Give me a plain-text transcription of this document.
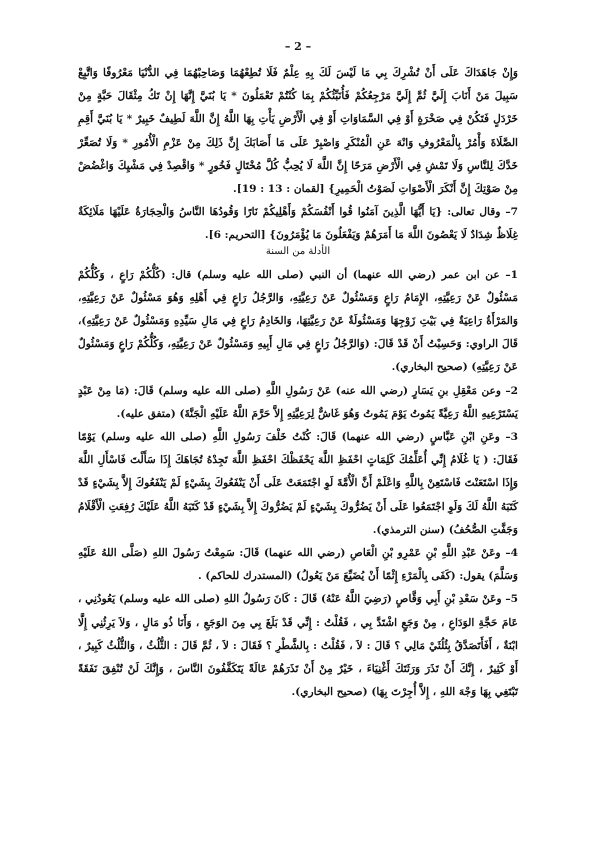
– 2 –

وَإِنْ جَاهَدَاكَ عَلَى أَنْ تُشْرِكَ بِي مَا لَيْسَ لَكَ بِهِ عِلْمٌ فَلَا تُطِعْهُمَا وَصَاحِبْهُمَا فِي الدُّنْيَا مَعْرُوفًا وَاتَّبِعْ سَبِيلَ مَنْ أَنَابَ إِلَيَّ ثُمَّ إِلَيَّ مَرْجِعُكُمْ فَأُنَبِّئُكُمْ بِمَا كُنْتُمْ تَعْمَلُونَ * يَا بُنَيَّ إِنَّهَا إِنْ تَكُ مِثْقَالَ حَبَّةٍ مِنْ خَرْدَلٍ فَتَكُنْ فِي صَخْرَةٍ أَوْ فِي السَّمَاوَاتِ أَوْ فِي الْأَرْضِ يَأْتِ بِهَا اللَّهُ إِنَّ اللَّهَ لَطِيفٌ خَبِيرٌ * يَا بُنَيَّ أَقِمِ الصَّلَاةَ وَأْمُرْ بِالْمَعْرُوفِ وَانْهَ عَنِ الْمُنْكَرِ وَاصْبِرْ عَلَى مَا أَصَابَكَ إِنَّ ذَلِكَ مِنْ عَزْمِ الْأُمُورِ * وَلَا تُصَعِّرْ خَدَّكَ لِلنَّاسِ وَلَا تَمْشِ فِي الْأَرْضِ مَرَحًا إِنَّ اللَّهَ لَا يُحِبُّ كُلَّ مُخْتَالٍ فَخُورٍ * وَاقْصِدْ فِي مَشْيِكَ وَاغْضُضْ مِنْ صَوْتِكَ إِنَّ أَنْكَرَ الْأَصْوَاتِ لَصَوْتُ الْحَمِيرِ} [لقمان : 13 : 19].

7– وقال تعالى: {يَا أَيُّهَا الَّذِينَ آمَنُوا قُوا أَنْفُسَكُمْ وَأَهْلِيكُمْ نَارًا وَقُودُهَا النَّاسُ وَالْحِجَارَةُ عَلَيْهَا مَلَائِكَةٌ غِلَاظٌ شِدَادٌ لَا يَعْصُونَ اللَّهَ مَا أَمَرَهُمْ وَيَفْعَلُونَ مَا يُؤْمَرُونَ} [التحريم: 6].

الأدلة من السنة

1– عن ابن عمر (رضي الله عنهما) أن النبي (صلى الله عليه وسلم) قال: (كُلُّكُمْ رَاعٍ ، وَكُلُّكُمْ مَسْئُولٌ عَنْ رَعِيَّتِهِ، الإِمَامُ رَاعٍ وَمَسْئُولٌ عَنْ رَعِيَّتِهِ، وَالرَّجُلُ رَاعٍ فِي أَهْلِهِ وَهُوَ مَسْئُولٌ عَنْ رَعِيَّتِهِ، وَالمَرْأَةُ رَاعِيَةٌ فِي بَيْتِ زَوْجِهَا وَمَسْئُولَةٌ عَنْ رَعِيَّتِهَا، وَالخَادِمُ رَاعٍ فِي مَالِ سَيِّدِهِ وَمَسْئُولٌ عَنْ رَعِيَّتِهِ)، قَالَ الراوي: وَحَسِبْتُ أَنْ قَدْ قَالَ: (وَالرَّجُلُ رَاعٍ فِي مَالِ أَبِيهِ وَمَسْئُولٌ عَنْ رَعِيَّتِهِ، وَكُلُّكُمْ رَاعٍ وَمَسْئُولٌ عَنْ رَعِيَّتِهِ) (صحيح البخاري).

2– وعن مَعْقِلِ بنِ يَسَارٍ (رضي الله عنه) عَنْ رَسُولِ اللَّهِ (صلى الله عليه وسلم) قَالَ: (مَا مِنْ عَبْدٍ يَسْتَرْعِيهِ اللَّهُ رَعِيَّةً يَمُوتُ يَوْمَ يَمُوتُ وَهُوَ غَاشٌّ لِرَعِيَّتِهِ إِلاَّ حَرَّمَ اللَّهُ عَلَيْهِ الْجَنَّةَ) (متفق عليه).

3– وعَنِ ابْنِ عَبَّاسٍ (رضي الله عنهما) قَالَ: كُنْتُ خَلْفَ رَسُولِ اللَّهِ (صلى الله عليه وسلم) يَوْمًا فَقَالَ: ( يَا غُلَامُ إِنِّي أُعَلِّمُكَ كَلِمَاتٍ احْفَظِ اللَّهَ يَحْفَظْكَ احْفَظِ اللَّهَ تَجِدْهُ تُجَاهَكَ إِذَا سَأَلْتَ فَاسْأَلِ اللَّهَ وَإِذَا اسْتَعَنْتَ فَاسْتَعِنْ بِاللَّهِ وَاعْلَمْ أَنَّ الْأُمَّةَ لَوِ اجْتَمَعَتْ عَلَى أَنْ يَنْفَعُوكَ بِشَيْءٍ لَمْ يَنْفَعُوكَ إِلاَّ بِشَيْءٍ قَدْ كَتَبَهُ اللَّهُ لَكَ وَلَوِ اجْتَمَعُوا عَلَى أَنْ يَضُرُّوكَ بِشَيْءٍ لَمْ يَضُرُّوكَ إِلاَّ بِشَيْءٍ قَدْ كَتَبَهُ اللَّهُ عَلَيْكَ رُفِعَتِ الْأَقْلَامُ وَجَفَّتِ الصُّحُفُ) (سنن الترمذي).

4– وعَنْ عَبْدِ اللَّهِ بْنِ عَمْرِو بْنِ الْعَاصِ (رضي الله عنهما) قَالَ: سَمِعْتُ رَسُولَ اللهِ (صَلَّى اللهُ عَلَيْهِ وَسَلَّمَ) يقول: (كَفَى بِالْمَرْءِ إِثْمًا أَنْ يُضَيِّعَ مَنْ يَعُولُ) (المستدرك للحاكم) .

5– وعَنْ سَعْدِ بْنِ أَبِي وَقَّاصٍ (رَضِيَ اللَّهُ عَنْهُ) قَالَ : كَانَ رَسُولُ اللهِ (صلى الله عليه وسلم) يَعُودُنِي ، عَامَ حَجَّةِ الوَدَاعِ ، مِنْ وَجَعٍ اشْتَدَّ بِي ، فَقُلْتُ : إِنِّي قَدْ بَلَغَ بِي مِنَ الوَجَعِ ، وَأَنَا ذُو مَالٍ ، وَلاَ يَرِثُنِي إِلَّا ابْنَةٌ ، أَفَأَتَصَدَّقُ بِثُلُثَيْ مَالِي ؟ قَالَ : لاَ ، فَقُلْتُ : بِالشَّطْرِ ؟ فَقَالَ : لاَ ، ثُمَّ قَالَ : الثُّلُثُ ، وَالثُّلُثُ كَبِيرٌ ، أَوْ كَثِيرٌ ، إِنَّكَ أَنْ تَذَرَ وَرَثَتَكَ أَغْنِيَاءَ ، خَيْرٌ مِنْ أَنْ تَذَرَهُمْ عَالَةً يَتَكَفَّفُونَ النَّاسَ ، وَإِنَّكَ لَنْ تُنْفِقَ نَفَقَةً تَبْتَغِي بِهَا وَجْهَ اللهِ ، إِلاَّ أُجِرْتَ بِهَا) (صحيح البخاري).
